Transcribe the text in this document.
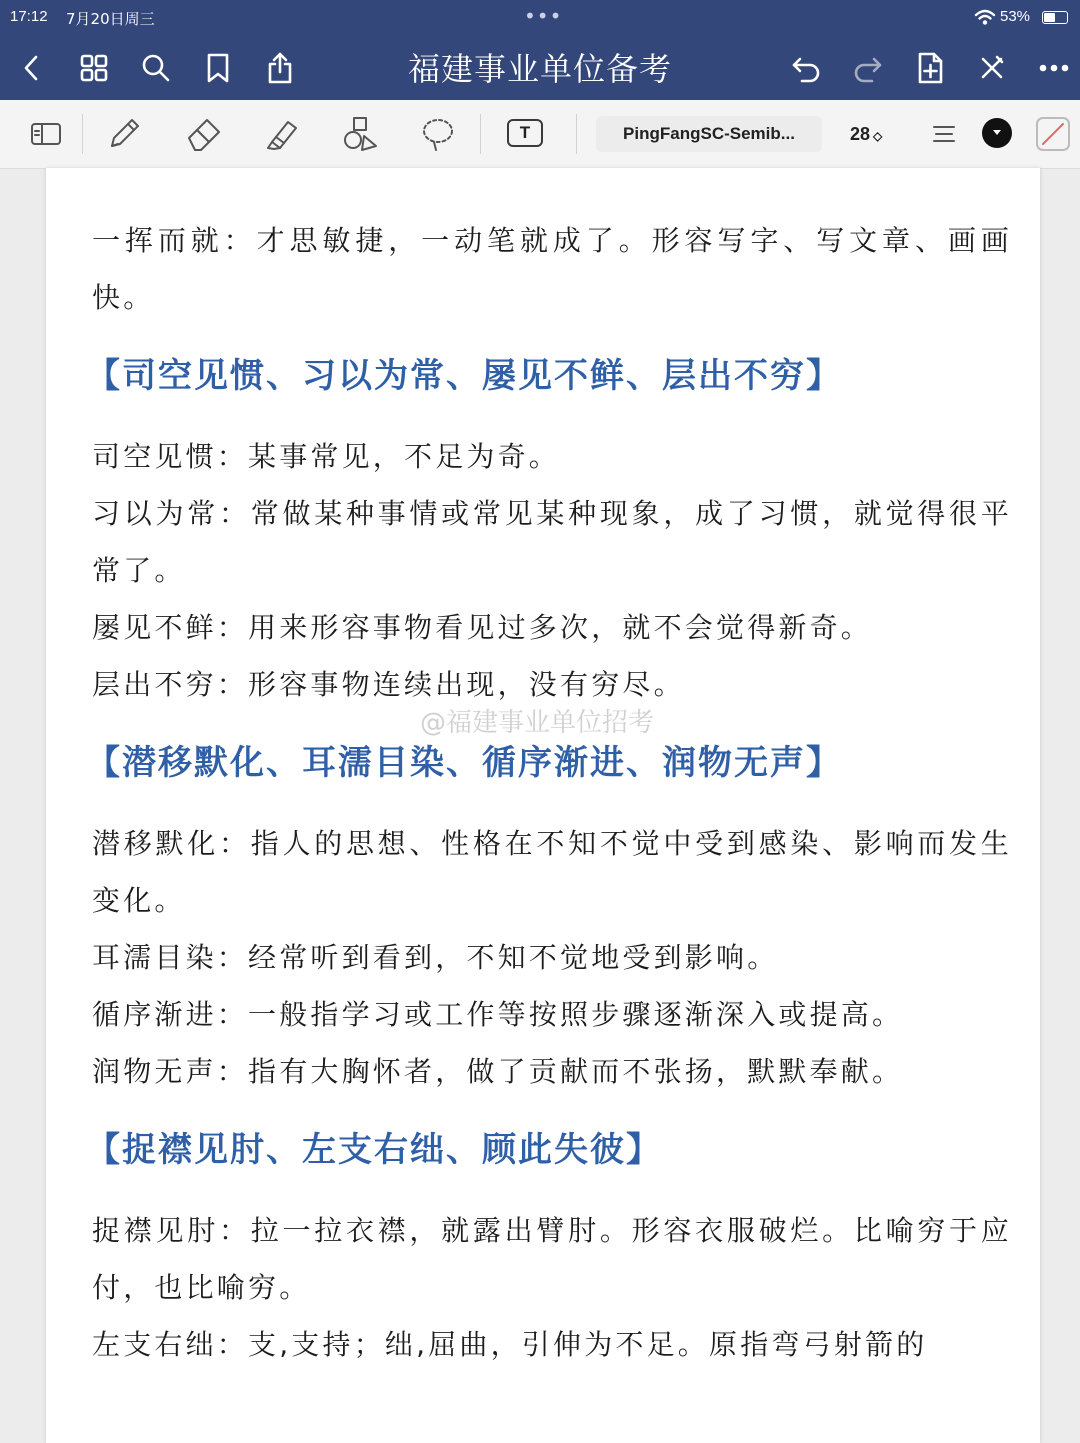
17:12 7月20日周三	•••	53%
福建事业单位备考
T	PingFangSC-Semib...	28 ◇

一挥而就：才思敏捷，一动笔就成了。形容写字、写文章、画画快。

【司空见惯、习以为常、屡见不鲜、层出不穷】

司空见惯：某事常见，不足为奇。

习以为常：常做某种事情或常见某种现象，成了习惯，就觉得很平常了。

屡见不鲜：用来形容事物看见过多次，就不会觉得新奇。

层出不穷：形容事物连续出现，没有穷尽。

【潜移默化、耳濡目染、循序渐进、润物无声】

潜移默化：指人的思想、性格在不知不觉中受到感染、影响而发生变化。

耳濡目染：经常听到看到，不知不觉地受到影响。

循序渐进：一般指学习或工作等按照步骤逐渐深入或提高。

润物无声：指有大胸怀者，做了贡献而不张扬，默默奉献。

【捉襟见肘、左支右绌、顾此失彼】

捉襟见肘：拉一拉衣襟，就露出臂肘。形容衣服破烂。比喻穷于应付，也比喻穷。

左支右绌：支,支持；绌,屈曲，引伸为不足。原指弯弓射箭的

@福建事业单位招考
